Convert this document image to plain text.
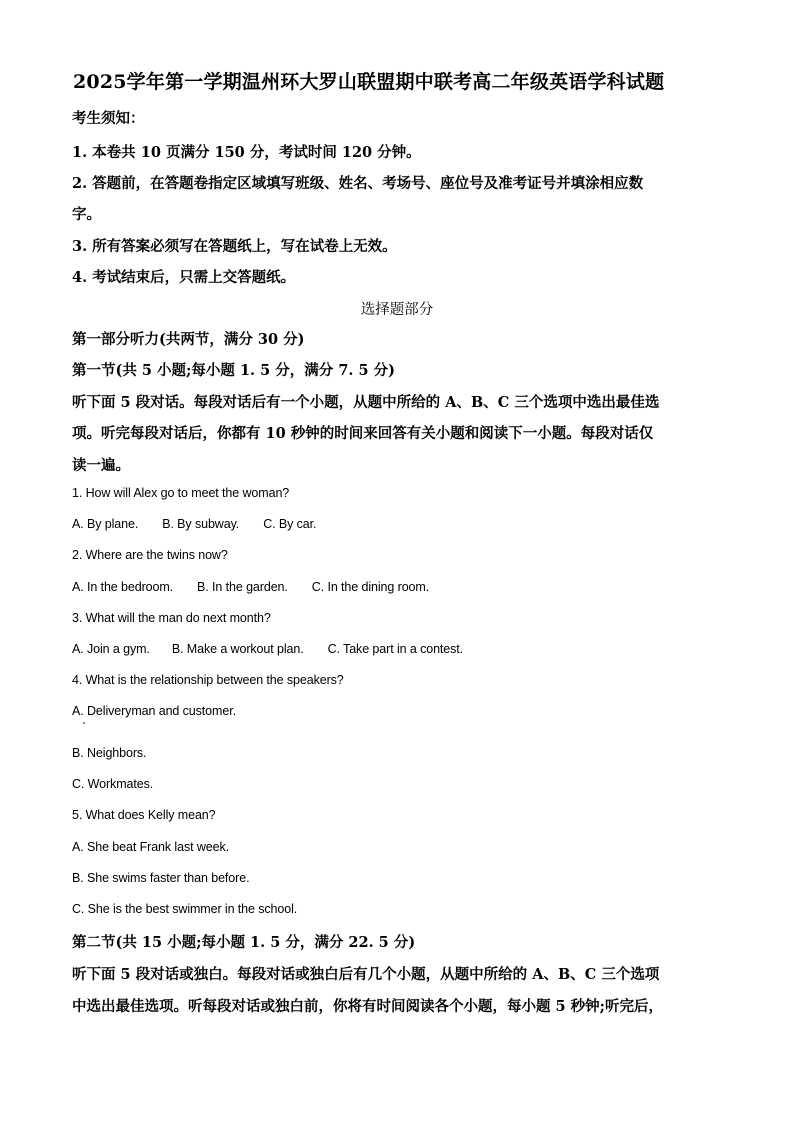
2025学年第一学期温州环大罗山联盟期中联考高二年级英语学科试题
考生须知：
1. 本卷共 10 页满分 150 分，考试时间 120 分钟。
2. 答题前，在答题卷指定区域填写班级、姓名、考场号、座位号及准考证号并填涂相应数
字。
3. 所有答案必须写在答题纸上，写在试卷上无效。
4. 考试结束后，只需上交答题纸。
选择题部分
第一部分听力(共两节，满分 30 分)
第一节(共 5 小题;每小题 1. 5 分，满分 7. 5 分)
听下面 5 段对话。每段对话后有一个小题，从题中所给的 A、B、C 三个选项中选出最佳选
项。听完每段对话后，你都有 10 秒钟的时间来回答有关小题和阅读下一小题。每段对话仅
读一遍。
1. How will Alex go to meet the woman?
A. By plane. B. By subway. C. By car.
2. Where are the twins now?
A. In the bedroom. B. In the garden. C. In the dining room.
3. What will the man do next month?
A. Join a gym. B. Make a workout plan. C. Take part in a contest.
4. What is the relationship between the speakers?
A. Deliveryman and customer.
B. Neighbors.
C. Workmates.
5. What does Kelly mean?
A. She beat Frank last week.
B. She swims faster than before.
C. She is the best swimmer in the school.
第二节(共 15 小题;每小题 1. 5 分，满分 22. 5 分)
听下面 5 段对话或独白。每段对话或独白后有几个小题，从题中所给的 A、B、C 三个选项
中选出最佳选项。听每段对话或独白前，你将有时间阅读各个小题，每小题 5 秒钟;听完后，
